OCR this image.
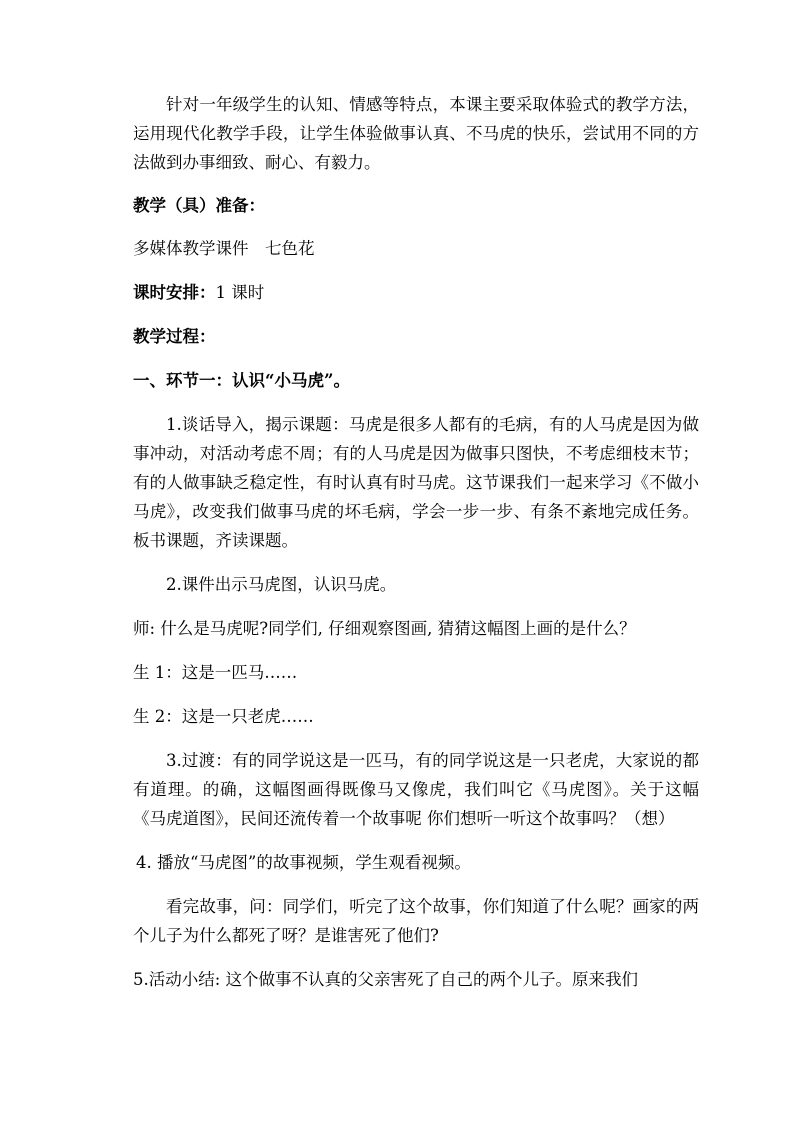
针对一年级学生的认知、情感等特点，本课主要采取体验式的教学方法，运用现代化教学手段，让学生体验做事认真、不马虎的快乐，尝试用不同的方法做到办事细致、耐心、有毅力。

教学（具）准备：

多媒体教学课件　七色花

课时安排：1 课时

教学过程：

一、环节一：认识“小马虎”。

1.谈话导入，揭示课题：马虎是很多人都有的毛病，有的人马虎是因为做事冲动，对活动考虑不周；有的人马虎是因为做事只图快，不考虑细枝末节；有的人做事缺乏稳定性，有时认真有时马虎。这节课我们一起来学习《不做小马虎》，改变我们做事马虎的坏毛病，学会一步一步、有条不紊地完成任务。板书课题，齐读课题。

2.课件出示马虎图，认识马虎。

师: 什么是马虎呢?同学们, 仔细观察图画, 猜猜这幅图上画的是什么？

生 1：这是一匹马……

生 2：这是一只老虎……

3.过渡：有的同学说这是一匹马，有的同学说这是一只老虎，大家说的都有道理。的确，这幅图画得既像马又像虎，我们叫它《马虎图》。关于这幅《马虎道图》，民间还流传着一个故事呢 你们想听一听这个故事吗？（想）

4. 播放“马虎图”的故事视频，学生观看视频。

看完故事，问：同学们，听完了这个故事，你们知道了什么呢？画家的两个儿子为什么都死了呀？是谁害死了他们?

5.活动小结: 这个做事不认真的父亲害死了自己的两个儿子。原来我们
